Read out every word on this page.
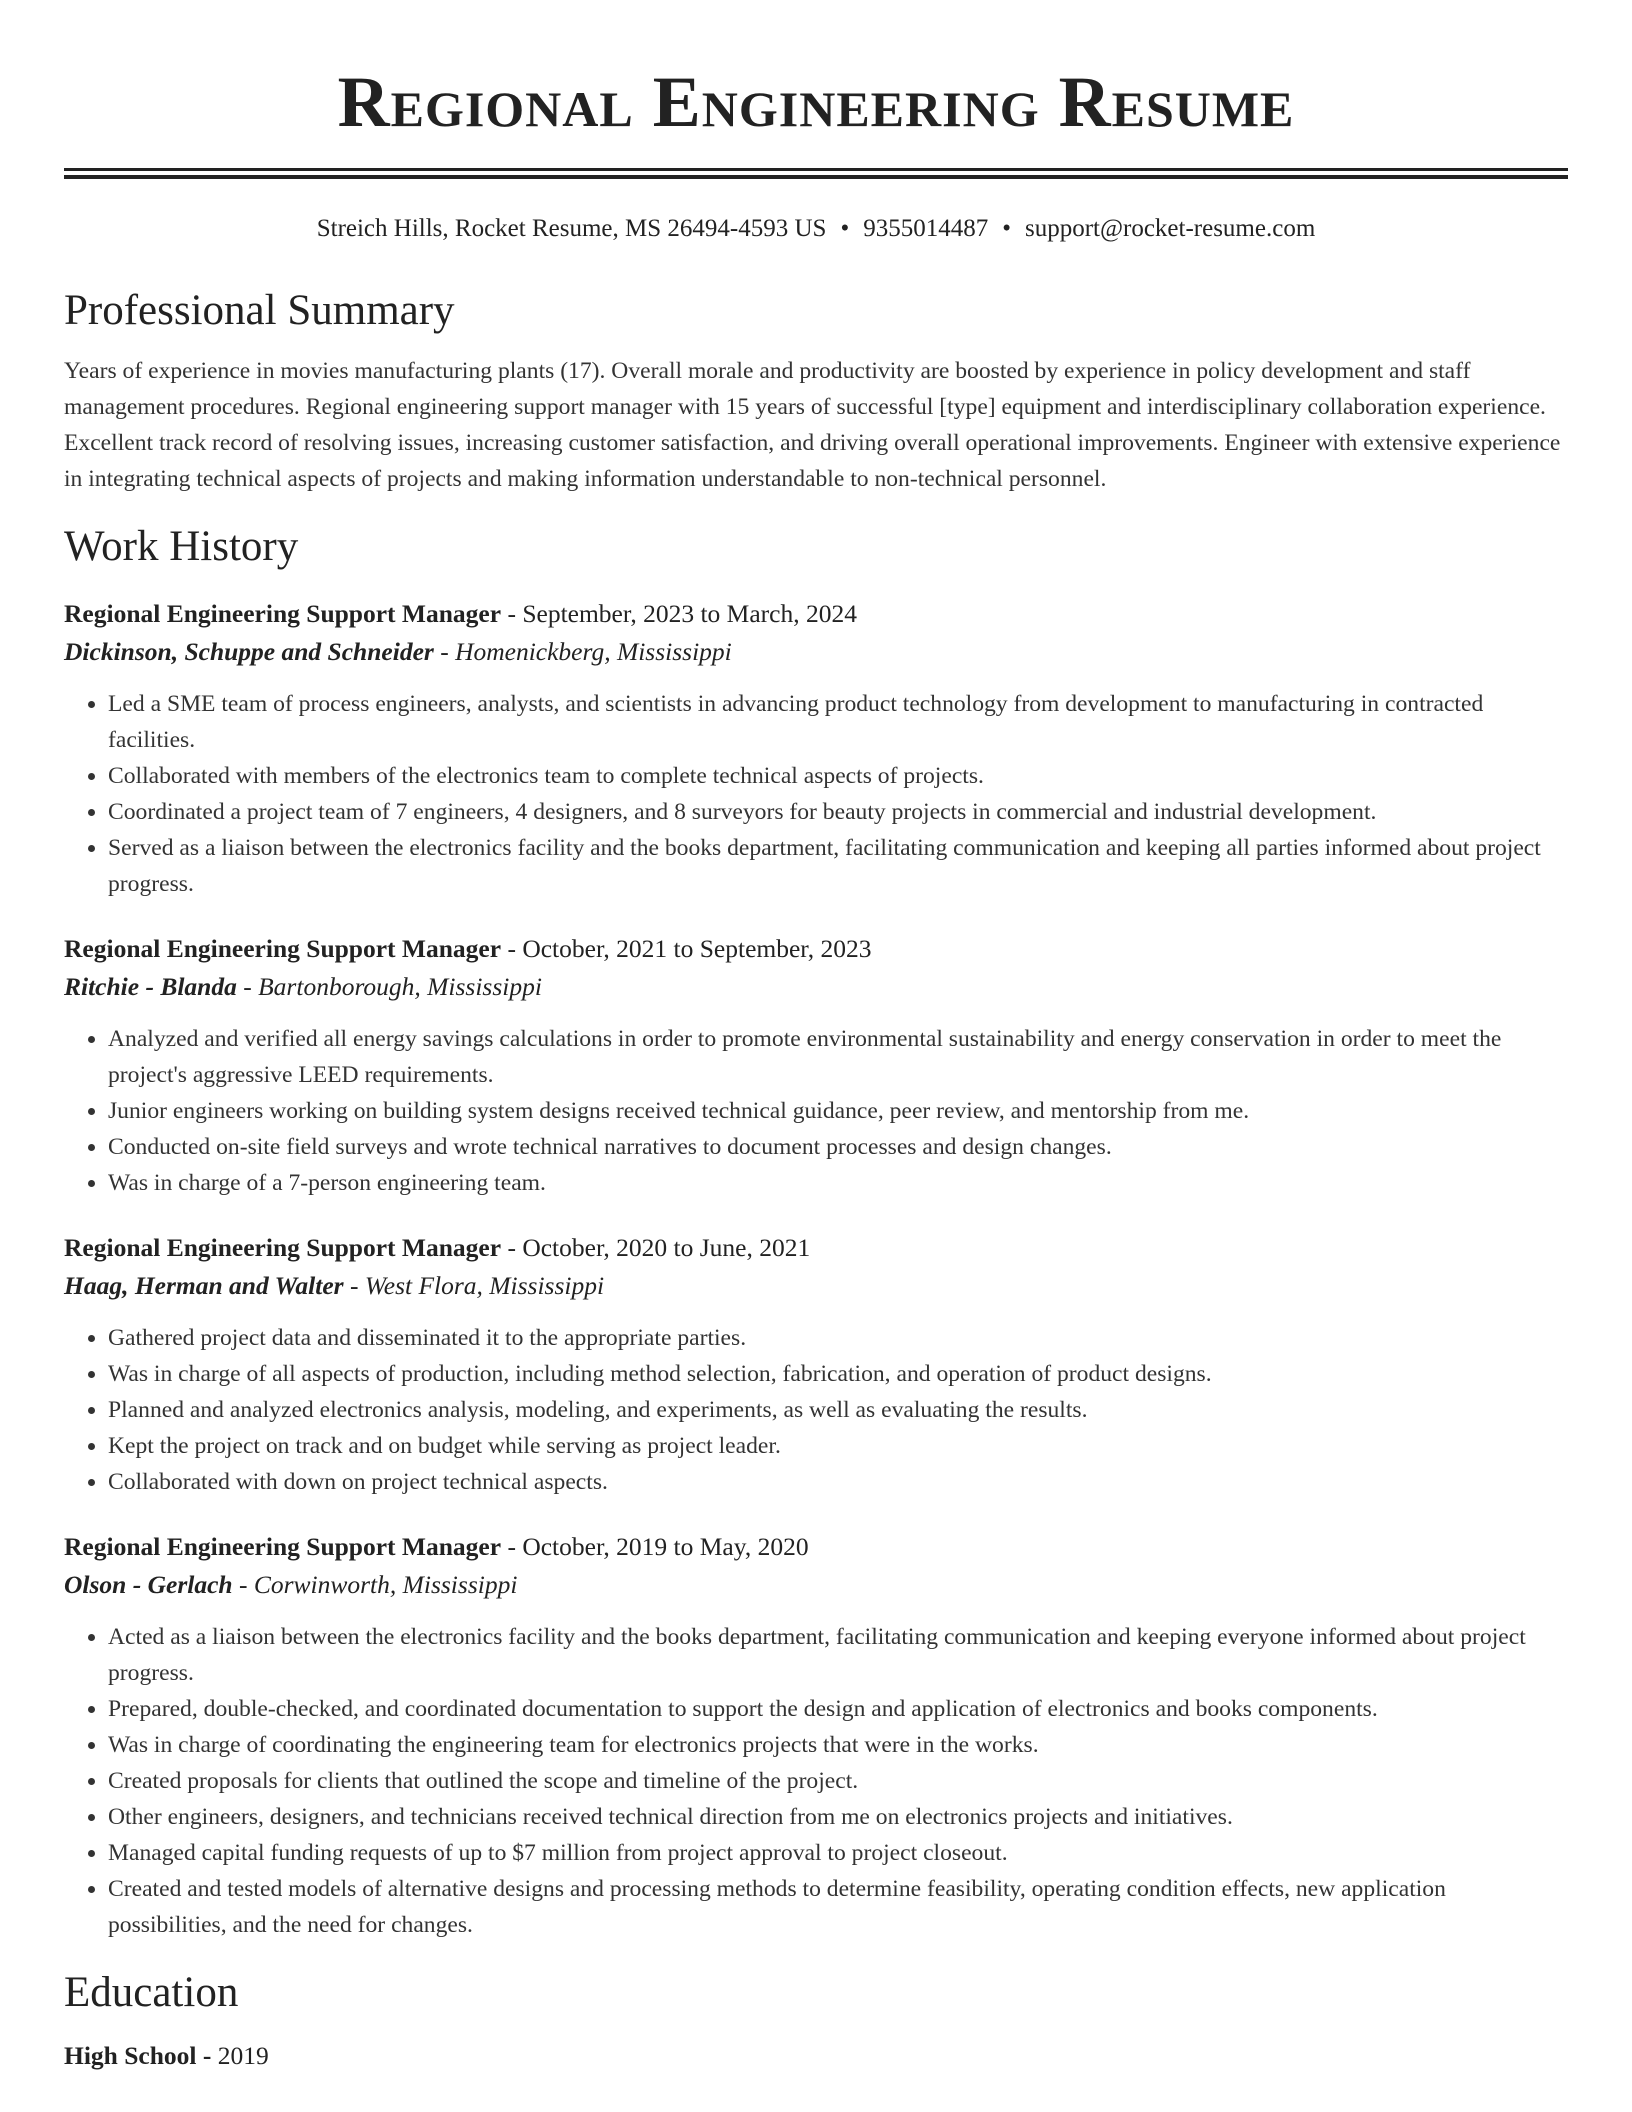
Regional Engineering Resume
Streich Hills, Rocket Resume, MS 26494-4593 US • 9355014487 • support@rocket-resume.com
Professional Summary

Years of experience in movies manufacturing plants (17). Overall morale and productivity are boosted by experience in policy development and staff management procedures. Regional engineering support manager with 15 years of successful [type] equipment and interdisciplinary collaboration experience. Excellent track record of resolving issues, increasing customer satisfaction, and driving overall operational improvements. Engineer with extensive experience in integrating technical aspects of projects and making information understandable to non-technical personnel.

Work History
Regional Engineering Support Manager - September, 2023 to March, 2024
Dickinson, Schuppe and Schneider - Homenickberg, Mississippi
• Led a SME team of process engineers, analysts, and scientists in advancing product technology from development to manufacturing in contracted facilities.
• Collaborated with members of the electronics team to complete technical aspects of projects.
• Coordinated a project team of 7 engineers, 4 designers, and 8 surveyors for beauty projects in commercial and industrial development.
• Served as a liaison between the electronics facility and the books department, facilitating communication and keeping all parties informed about project progress.
Regional Engineering Support Manager - October, 2021 to September, 2023
Ritchie - Blanda - Bartonborough, Mississippi
• Analyzed and verified all energy savings calculations in order to promote environmental sustainability and energy conservation in order to meet the project's aggressive LEED requirements.
• Junior engineers working on building system designs received technical guidance, peer review, and mentorship from me.
• Conducted on-site field surveys and wrote technical narratives to document processes and design changes.
• Was in charge of a 7-person engineering team.
Regional Engineering Support Manager - October, 2020 to June, 2021
Haag, Herman and Walter - West Flora, Mississippi
• Gathered project data and disseminated it to the appropriate parties.
• Was in charge of all aspects of production, including method selection, fabrication, and operation of product designs.
• Planned and analyzed electronics analysis, modeling, and experiments, as well as evaluating the results.
• Kept the project on track and on budget while serving as project leader.
• Collaborated with down on project technical aspects.
Regional Engineering Support Manager - October, 2019 to May, 2020
Olson - Gerlach - Corwinworth, Mississippi
• Acted as a liaison between the electronics facility and the books department, facilitating communication and keeping everyone informed about project progress.
• Prepared, double-checked, and coordinated documentation to support the design and application of electronics and books components.
• Was in charge of coordinating the engineering team for electronics projects that were in the works.
• Created proposals for clients that outlined the scope and timeline of the project.
• Other engineers, designers, and technicians received technical direction from me on electronics projects and initiatives.
• Managed capital funding requests of up to $7 million from project approval to project closeout.
• Created and tested models of alternative designs and processing methods to determine feasibility, operating condition effects, new application possibilities, and the need for changes.
Education
High School - 2019
